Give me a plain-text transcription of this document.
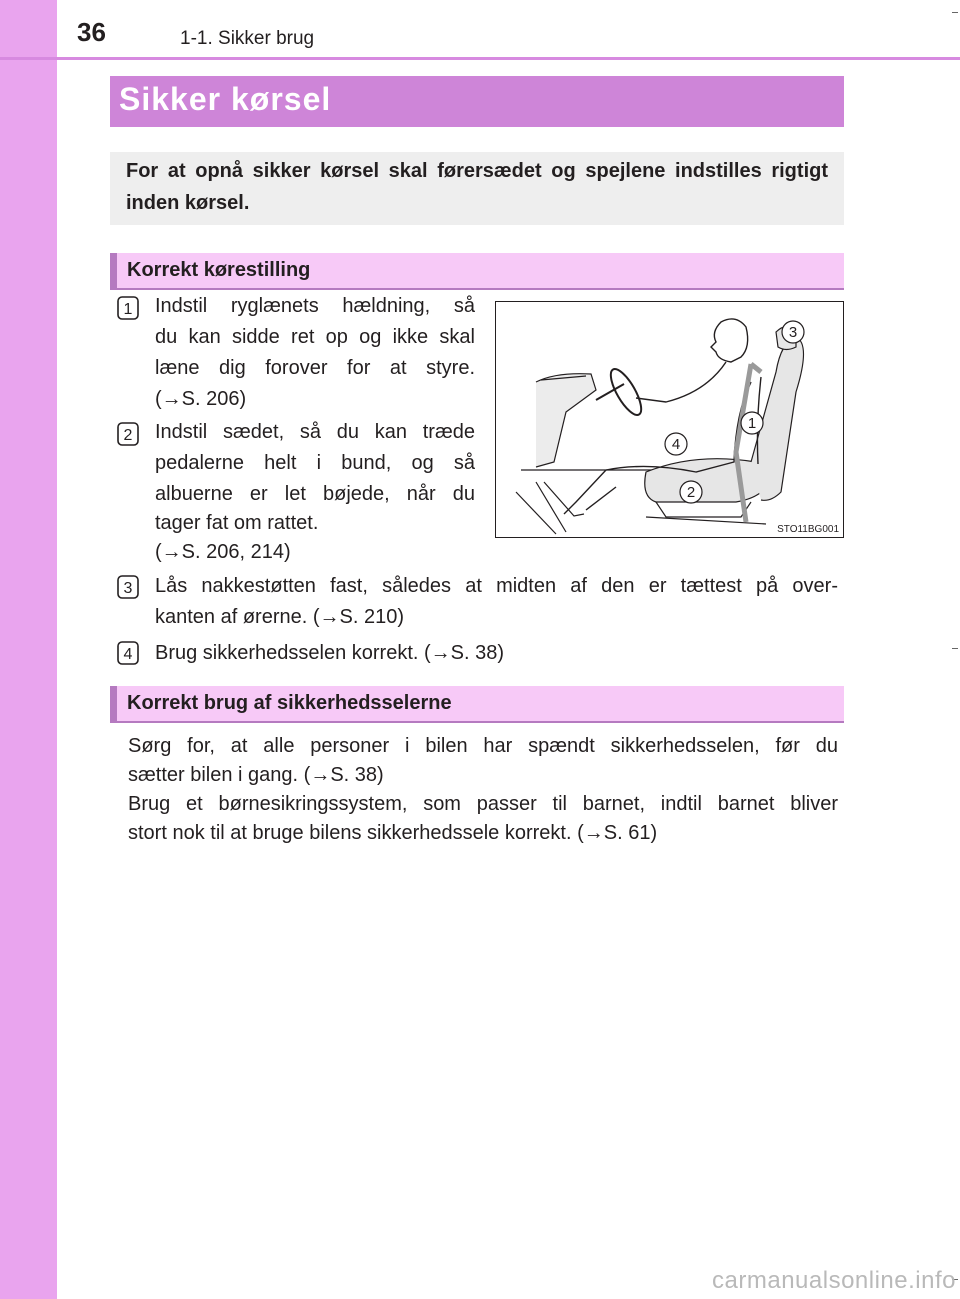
36	1-1. Sikker brug
Sikker kørsel

For at opnå sikker kørsel skal førersædet og spejlene indstilles rigtigt inden kørsel.

Korrekt kørestilling
1 Indstil ryglænets hældning, så

du kan sidde ret op og ikke skal

læne dig forover for at styre.

(→S. 206)

2 Indstil sædet, så du kan træde

pedalerne helt i bund, og så

albuerne er let bøjede, når du

tager fat om rattet.

(→S. 206, 214)

1
2
3
4
STO11BG001
3 Lås nakkestøtten fast, således at midten af den er tættest på over-

kanten af ørerne. (→S. 210)

4 Brug sikkerhedsselen korrekt. (→S. 38)

Korrekt brug af sikkerhedsselerne

Sørg for, at alle personer i bilen har spændt sikkerhedsselen, før du

sætter bilen i gang. (→S. 38)

Brug et børnesikringssystem, som passer til barnet, indtil barnet bliver

stort nok til at bruge bilens sikkerhedssele korrekt. (→S. 61)

carmanualsonline.info
